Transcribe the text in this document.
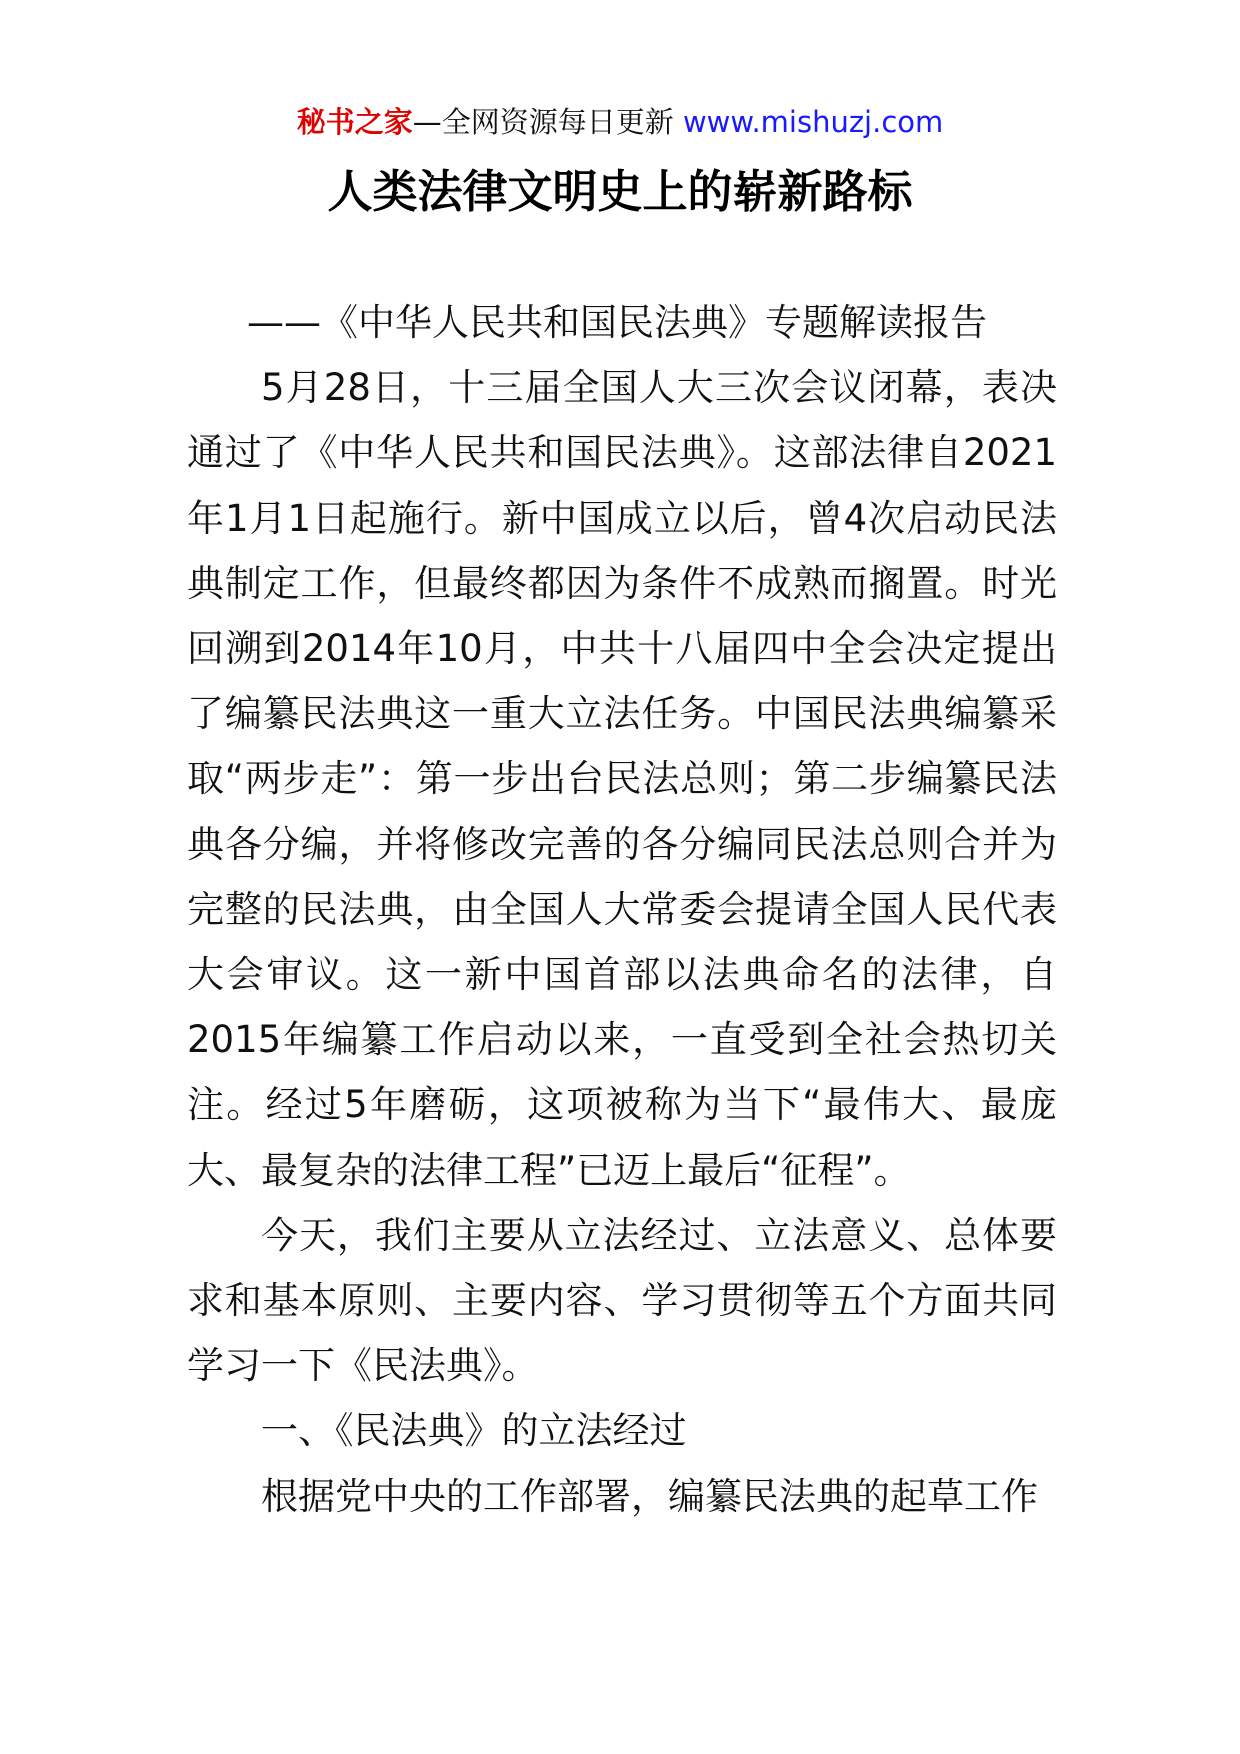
秘书之家—全网资源每日更新 www.mishuzj.com
人类法律文明史上的崭新路标

——《中华人民共和国民法典》专题解读报告

5月28日，十三届全国人大三次会议闭幕，表决通过了《中华人民共和国民法典》。这部法律自2021年1月1日起施行。新中国成立以后，曾4次启动民法典制定工作，但最终都因为条件不成熟而搁置。时光回溯到2014年10月，中共十八届四中全会决定提出了编纂民法典这一重大立法任务。中国民法典编纂采取“两步走”：第一步出台民法总则；第二步编纂民法典各分编，并将修改完善的各分编同民法总则合并为完整的民法典，由全国人大常委会提请全国人民代表大会审议。这一新中国首部以法典命名的法律，自2015年编纂工作启动以来，一直受到全社会热切关注。经过5年磨砺，这项被称为当下“最伟大、最庞大、最复杂的法律工程”已迈上最后“征程”。

今天，我们主要从立法经过、立法意义、总体要求和基本原则、主要内容、学习贯彻等五个方面共同学习一下《民法典》。

一、《民法典》的立法经过

根据党中央的工作部署，编纂民法典的起草工作
